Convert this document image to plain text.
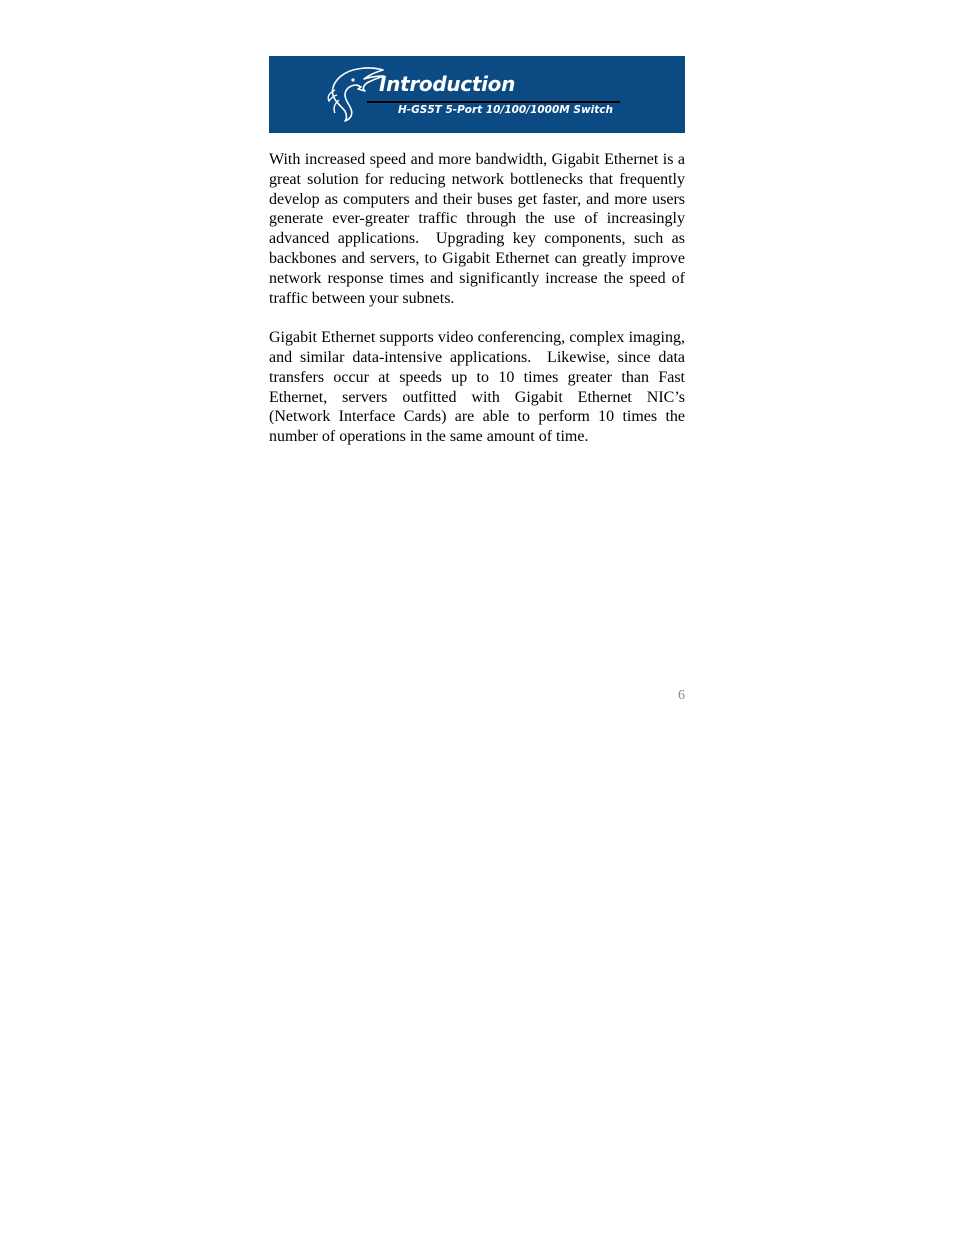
Introduction
H-GS5T 5-Port 10/100/1000M Switch

With increased speed and more bandwidth, Gigabit Ethernet is a great solution for reducing network bottlenecks that frequently develop as computers and their buses get faster, and more users generate ever-greater traffic through the use of increasingly advanced applications.  Upgrading key components, such as backbones and servers, to Gigabit Ethernet can greatly improve network response times and significantly increase the speed of traffic between your subnets.

Gigabit Ethernet supports video conferencing, complex imaging, and similar data-intensive applications.  Likewise, since data transfers occur at speeds up to 10 times greater than Fast Ethernet, servers outfitted with Gigabit Ethernet NIC’s  (Network Interface Cards) are able to perform 10 times the number of operations in the same amount of time.

6
